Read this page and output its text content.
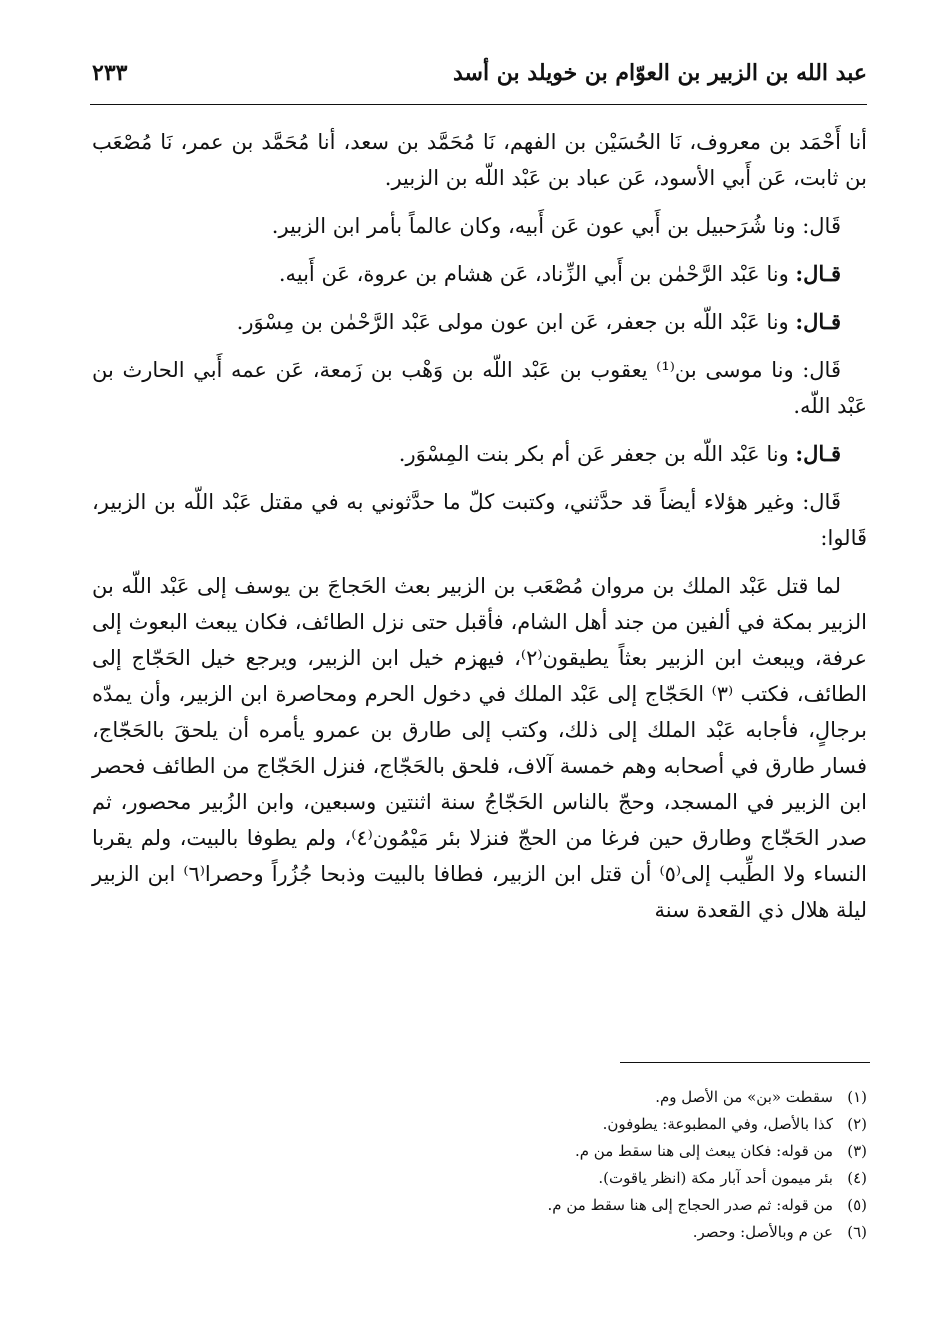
عبد الله بن الزبير بن العوّام بن خويلد بن أسد
٢٣٣

أنا أَحْمَد بن معروف، نَا الحُسَيْن بن الفهم، نَا مُحَمَّد بن سعد، أنا مُحَمَّد بن عمر، نَا مُصْعَب بن ثابت، عَن أَبي الأسود، عَن عباد بن عَبْد اللّه بن الزبير.

قَال: ونا شُرَحبيل بن أَبي عون عَن أَبيه، وكان عالماً بأمر ابن الزبير.

قـال: ونا عَبْد الرَّحْمٰن بن أَبي الزِّناد، عَن هشام بن عروة، عَن أَبيه.

قـال: ونا عَبْد اللّه بن جعفر، عَن ابن عون مولى عَبْد الرَّحْمٰن بن مِسْوَر.

قَال: ونا موسى بن⁽¹⁾ يعقوب بن عَبْد اللّه بن وَهْب بن زَمعة، عَن عمه أَبي الحارث بن عَبْد اللّه.

قـال: ونا عَبْد اللّه بن جعفر عَن أم بكر بنت المِسْوَر.

قَال: وغير هؤلاء أيضاً قد حدَّثني، وكتبت كلّ ما حدَّثوني به في مقتل عَبْد اللّه بن الزبير، قَالوا:

لما قتل عَبْد الملك بن مروان مُصْعَب بن الزبير بعث الحَجاجَ بن يوسف إلى عَبْد اللّه بن الزبير بمكة في ألفين من جند أهل الشام، فأقبل حتى نزل الطائف، فكان يبعث البعوث إلى عرفة، ويبعث ابن الزبير بعثاً يطيقون⁽٢⁾، فيهزم خيل ابن الزبير، ويرجع خيل الحَجّاج إلى الطائف، فكتب ⁽٣⁾ الحَجّاج إلى عَبْد الملك في دخول الحرم ومحاصرة ابن الزبير، وأن يمدّه برجالٍ، فأجابه عَبْد الملك إلى ذلك، وكتب إلى طارق بن عمرو يأمره أن يلحقَ بالحَجّاج، فسار طارق في أصحابه وهم خمسة آلاف، فلحق بالحَجّاج، فنزل الحَجّاج من الطائف فحصر ابن الزبير في المسجد، وحجّ بالناس الحَجّاجُ سنة اثنتين وسبعين، وابن الزُبير محصور، ثم صدر الحَجّاج وطارق حين فرغا من الحجّ فنزلا بئر مَيْمُون⁽٤⁾، ولم يطوفا بالبيت، ولم يقربا النساء ولا الطِّيب إلى⁽٥⁾ أن قتل ابن الزبير، فطافا بالبيت وذبحا جُزُراً وحصرا⁽٦⁾ ابن الزبير ليلة هلال ذي القعدة سنة

(١)
سقطت «بن» من الأصل وم.
(٢)
كذا بالأصل، وفي المطبوعة: يطوفون.
(٣)
من قوله: فكان يبعث إلى هنا سقط من م.
(٤)
بئر ميمون أحد آبار مكة (انظر ياقوت).
(٥)
من قوله: ثم صدر الحجاج إلى هنا سقط من م.
(٦)
عن م وبالأصل: وحصر.
